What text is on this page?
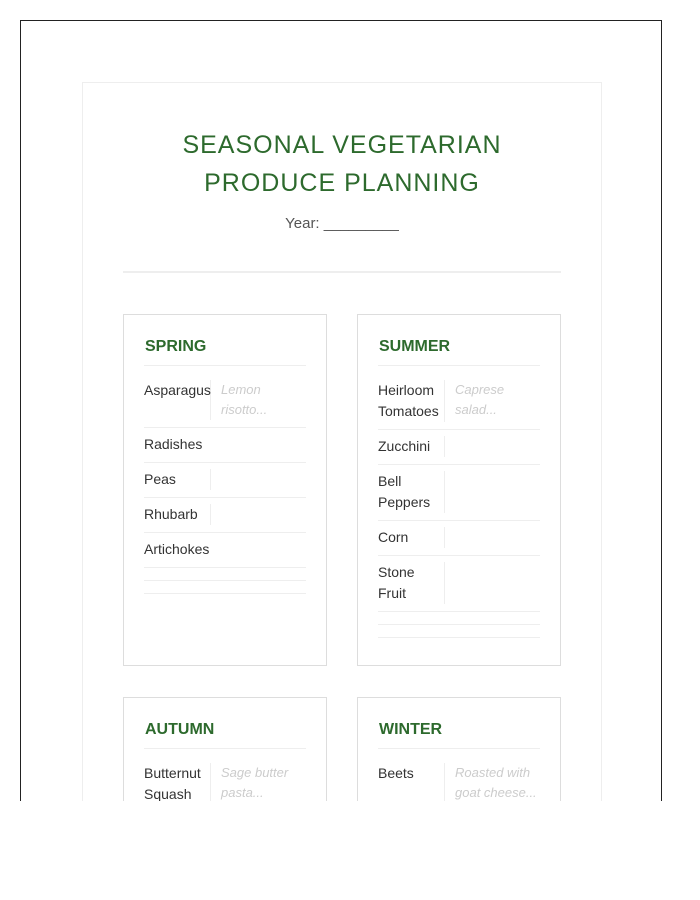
SEASONAL VEGETARIAN
PRODUCE PLANNING
Year: _________
SPRING
Asparagus Lemon risotto...
Radishes
Peas
Rhubarb
Artichokes
SUMMER
Heirloom Tomatoes
Caprese salad...
Zucchini
Bell Peppers
Corn
Stone Fruit
AUTUMN
Butternut Squash
Sage butter pasta...
WINTER
Beets	Roasted with goat cheese...
